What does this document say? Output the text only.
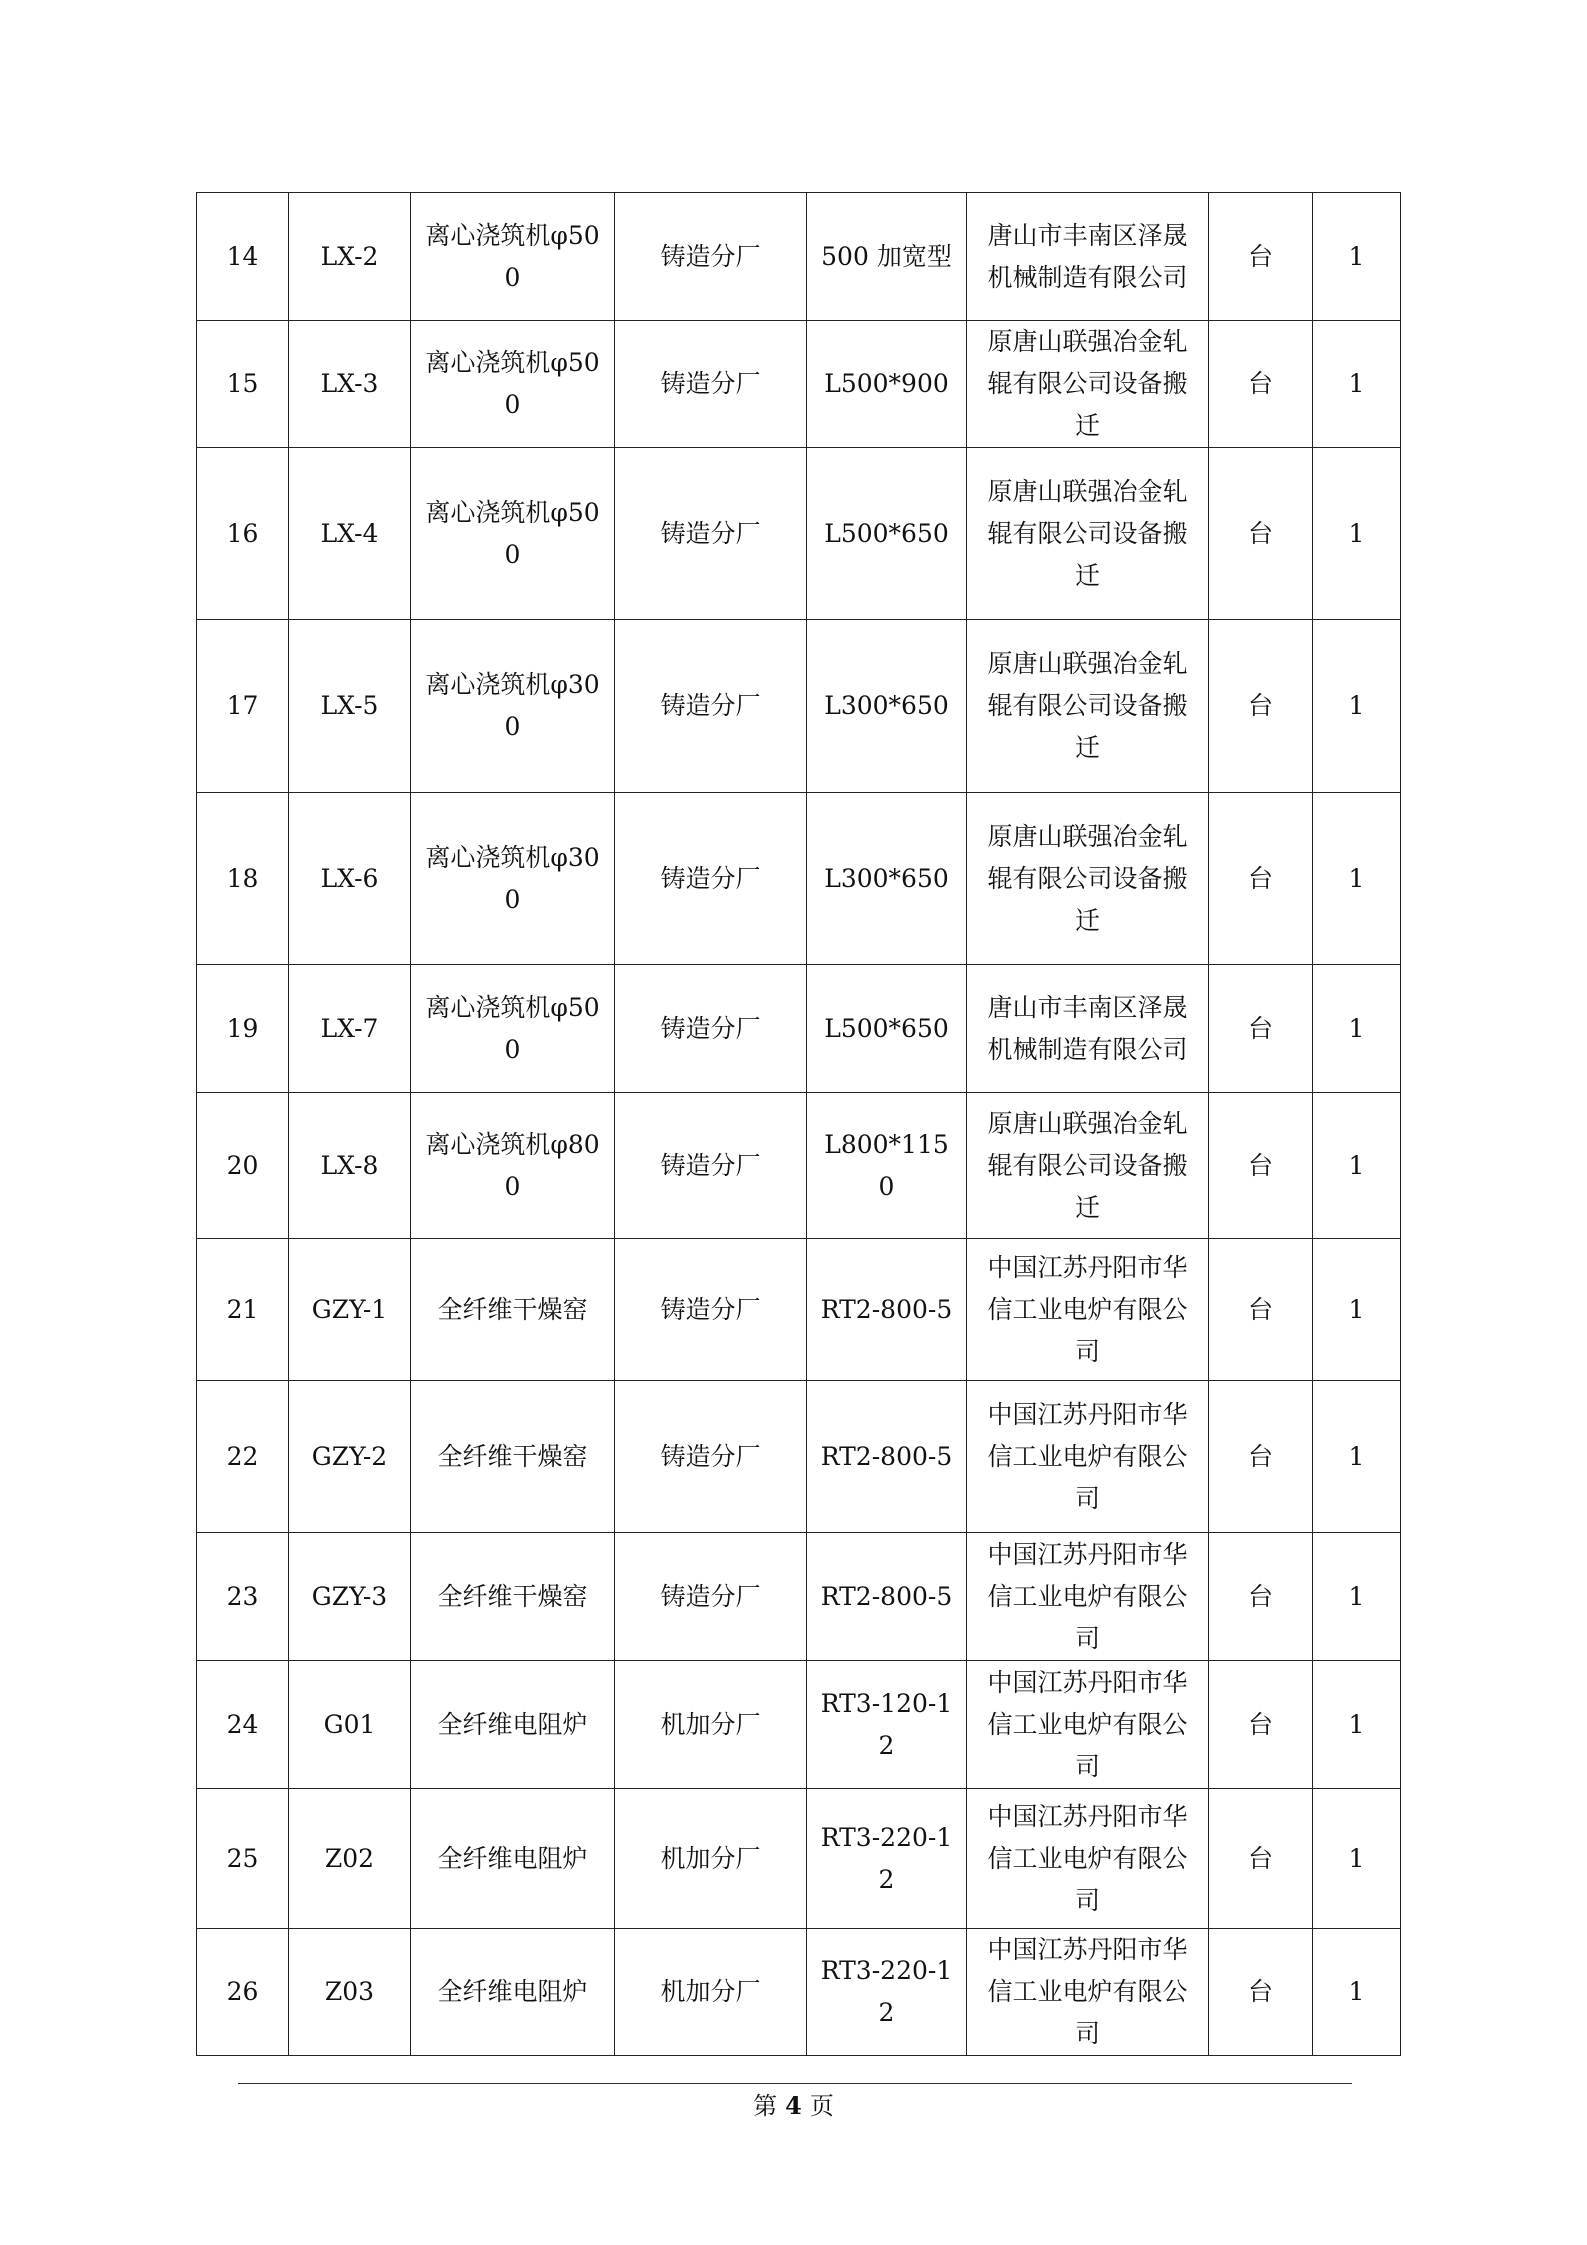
14	LX-2	离心浇筑机φ500	铸造分厂	500 加宽型	唐山市丰南区泽晟机械制造有限公司	台	1
15	LX-3	离心浇筑机φ500	铸造分厂	L500*900	原唐山联强冶金轧辊有限公司设备搬迁	台	1
16	LX-4	离心浇筑机φ500	铸造分厂	L500*650	原唐山联强冶金轧辊有限公司设备搬迁	台	1
17	LX-5	离心浇筑机φ300	铸造分厂	L300*650	原唐山联强冶金轧辊有限公司设备搬迁	台	1
18	LX-6	离心浇筑机φ300	铸造分厂	L300*650	原唐山联强冶金轧辊有限公司设备搬迁	台	1
19	LX-7	离心浇筑机φ500	铸造分厂	L500*650	唐山市丰南区泽晟机械制造有限公司	台	1
20	LX-8	离心浇筑机φ800	铸造分厂	L800*1150	原唐山联强冶金轧辊有限公司设备搬迁	台	1
21	GZY-1	全纤维干燥窑	铸造分厂	RT2-800-5	中国江苏丹阳市华信工业电炉有限公司	台	1
22	GZY-2	全纤维干燥窑	铸造分厂	RT2-800-5	中国江苏丹阳市华信工业电炉有限公司	台	1
23	GZY-3	全纤维干燥窑	铸造分厂	RT2-800-5	中国江苏丹阳市华信工业电炉有限公司	台	1
24	G01	全纤维电阻炉	机加分厂	RT3-120-12	中国江苏丹阳市华信工业电炉有限公司	台	1
25	Z02	全纤维电阻炉	机加分厂	RT3-220-12	中国江苏丹阳市华信工业电炉有限公司	台	1
26	Z03	全纤维电阻炉	机加分厂	RT3-220-12	中国江苏丹阳市华信工业电炉有限公司	台	1
第 4 页
